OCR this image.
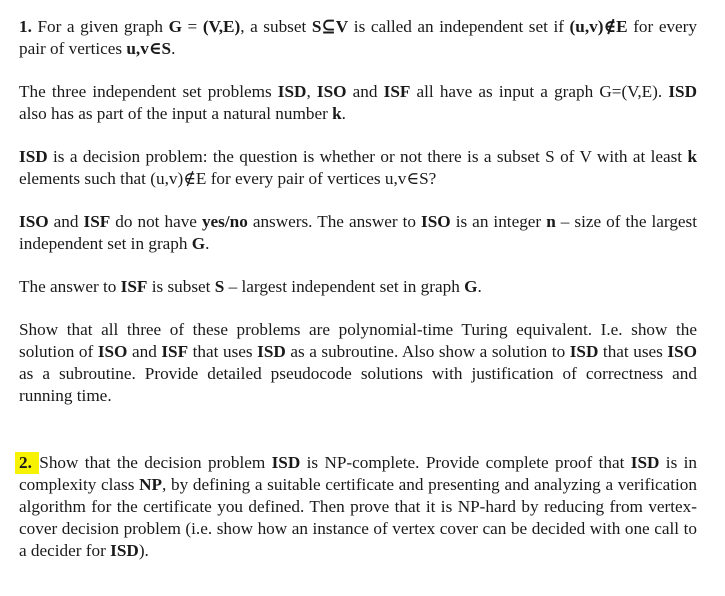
1. For a given graph G = (V,E), a subset S⊆V is called an independent set if (u,v)∉E for every pair of vertices u,v∈S.

The three independent set problems ISD, ISO and ISF all have as input a graph G=(V,E). ISD also has as part of the input a natural number k.

ISD is a decision problem: the question is whether or not there is a subset S of V with at least k elements such that (u,v)∉E for every pair of vertices u,v∈S?

ISO and ISF do not have yes/no answers. The answer to ISO is an integer n – size of the largest independent set in graph G.

The answer to ISF is subset S – largest independent set in graph G.

Show that all three of these problems are polynomial-time Turing equivalent. I.e. show the solution of ISO and ISF that uses ISD as a subroutine. Also show a solution to ISD that uses ISO as a subroutine. Provide detailed pseudocode solutions with justification of correctness and running time.

2. Show that the decision problem ISD is NP-complete. Provide complete proof that ISD is in complexity class NP, by defining a suitable certificate and presenting and analyzing a verification algorithm for the certificate you defined. Then prove that it is NP-hard by reducing from vertex-cover decision problem (i.e. show how an instance of vertex cover can be decided with one call to a decider for ISD).
